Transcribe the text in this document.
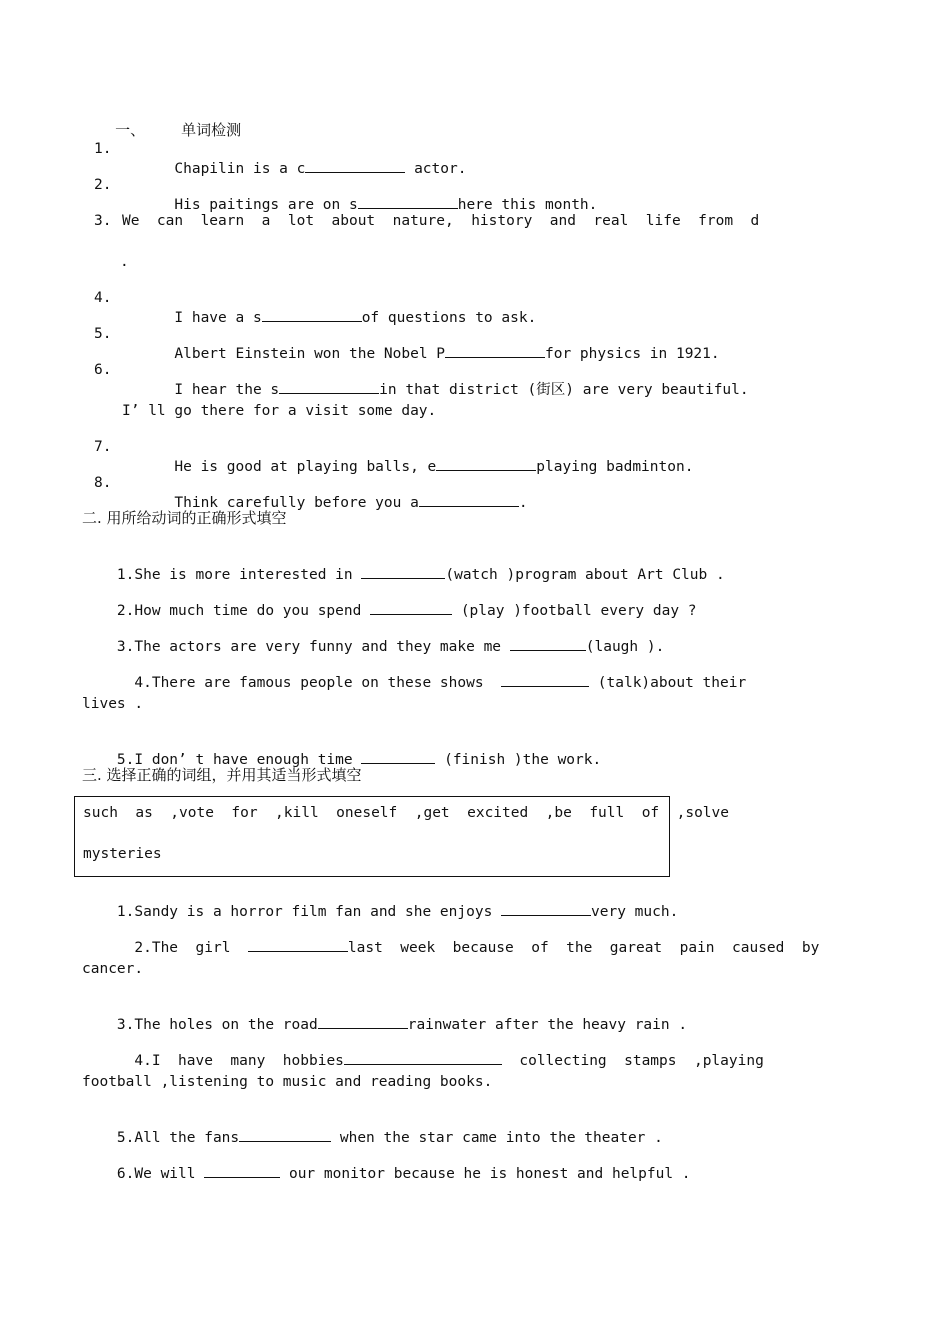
一、 单词检测

1.

Chapilin is a c	actor.

2.

His paitings are on s	here this month.

3. We  can  learn  a  lot  about  nature,  history  and  real  life  from  d
.
4.

I have a s	of questions to ask.

5.

Albert Einstein won the Nobel P	for physics in 1921.

6.

I hear the s	in that district (街区) are very beautiful.

I’ ll go there for a visit some day.
7.

He is good at playing balls, e	playing badminton.

8.

Think carefully before you a	.

二. 用所给动词的正确形式填空

1.She is more interested in	(watch )program about Art Club .

2.How much time do you spend	(play )football every day ?

3.The actors are very funny and they make me	(laugh ).

4.There are famous people on these shows	(talk)about their

lives .

5.I don’ t have enough time	(finish )the work.

三. 选择正确的词组，并用其适当形式填空
such  as  ,vote  for  ,kill  oneself  ,get  excited  ,be  full  of  ,solve
mysteries

1.Sandy is a horror film fan and she enjoys	very much.

2.The  girl	last  week  because  of  the  gareat  pain  caused  by

cancer.

3.The holes on the road	rainwater after the heavy rain .

4.I  have  many  hobbies	collecting  stamps  ,playing

football ,listening to music and reading books.

5.All the fans	when the star came into the theater .

6.We will	our monitor because he is honest and helpful .
